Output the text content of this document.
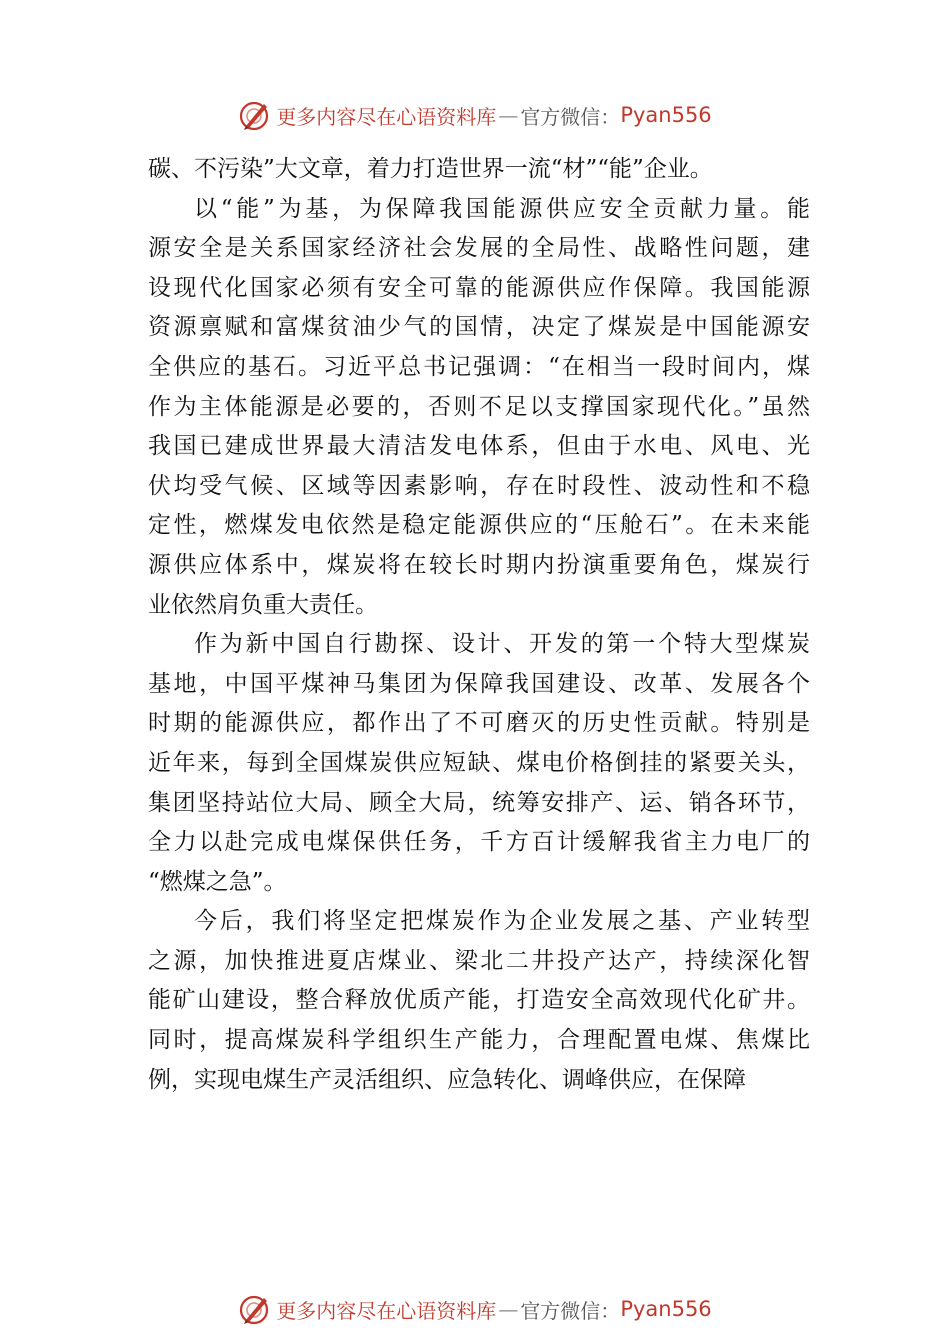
更多内容尽在心语资料库 — 官方微信： Pyan556

碳、不污染”大文章，着力打造世界一流“材”“能”企业。

以“能”为基，为保障我国能源供应安全贡献力量。能
源安全是关系国家经济社会发展的全局性、战略性问题，建
设现代化国家必须有安全可靠的能源供应作保障。我国能源
资源禀赋和富煤贫油少气的国情，决定了煤炭是中国能源安
全供应的基石。习近平总书记强调：“在相当一段时间内，煤
作为主体能源是必要的，否则不足以支撑国家现代化。”虽然
我国已建成世界最大清洁发电体系，但由于水电、风电、光
伏均受气候、区域等因素影响，存在时段性、波动性和不稳
定性，燃煤发电依然是稳定能源供应的“压舱石”。在未来能
源供应体系中，煤炭将在较长时期内扮演重要角色，煤炭行
业依然肩负重大责任。

作为新中国自行勘探、设计、开发的第一个特大型煤炭
基地，中国平煤神马集团为保障我国建设、改革、发展各个
时期的能源供应，都作出了不可磨灭的历史性贡献。特别是
近年来，每到全国煤炭供应短缺、煤电价格倒挂的紧要关头，
集团坚持站位大局、顾全大局，统筹安排产、运、销各环节，
全力以赴完成电煤保供任务，千方百计缓解我省主力电厂的
“燃煤之急”。

今后，我们将坚定把煤炭作为企业发展之基、产业转型
之源，加快推进夏店煤业、梁北二井投产达产，持续深化智
能矿山建设，整合释放优质产能，打造安全高效现代化矿井。
同时，提高煤炭科学组织生产能力，合理配置电煤、焦煤比
例，实现电煤生产灵活组织、应急转化、调峰供应，在保障

更多内容尽在心语资料库 — 官方微信： Pyan556
